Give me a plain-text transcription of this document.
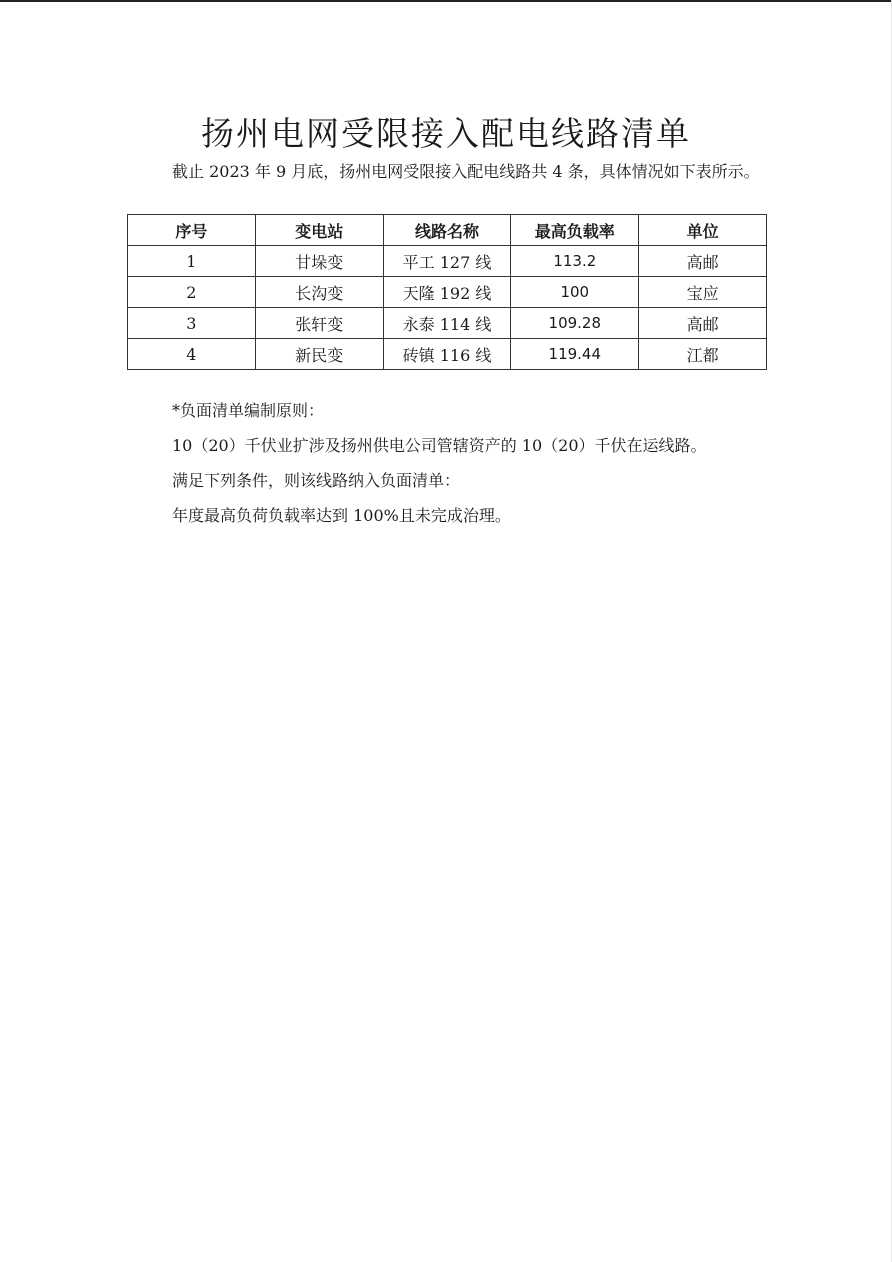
扬州电网受限接入配电线路清单

截止 2023 年 9 月底，扬州电网受限接入配电线路共 4 条，具体情况如下表所示。

序号	变电站	线路名称	最高负载率	单位
1	甘垛变	平工 127 线	113.2	高邮
2	长沟变	天隆 192 线	100	宝应
3	张轩变	永泰 114 线	109.28	高邮
4	新民变	砖镇 116 线	119.44	江都

*负面清单编制原则：

10（20）千伏业扩涉及扬州供电公司管辖资产的 10（20）千伏在运线路。

满足下列条件，则该线路纳入负面清单：

年度最高负荷负载率达到 100%且未完成治理。
